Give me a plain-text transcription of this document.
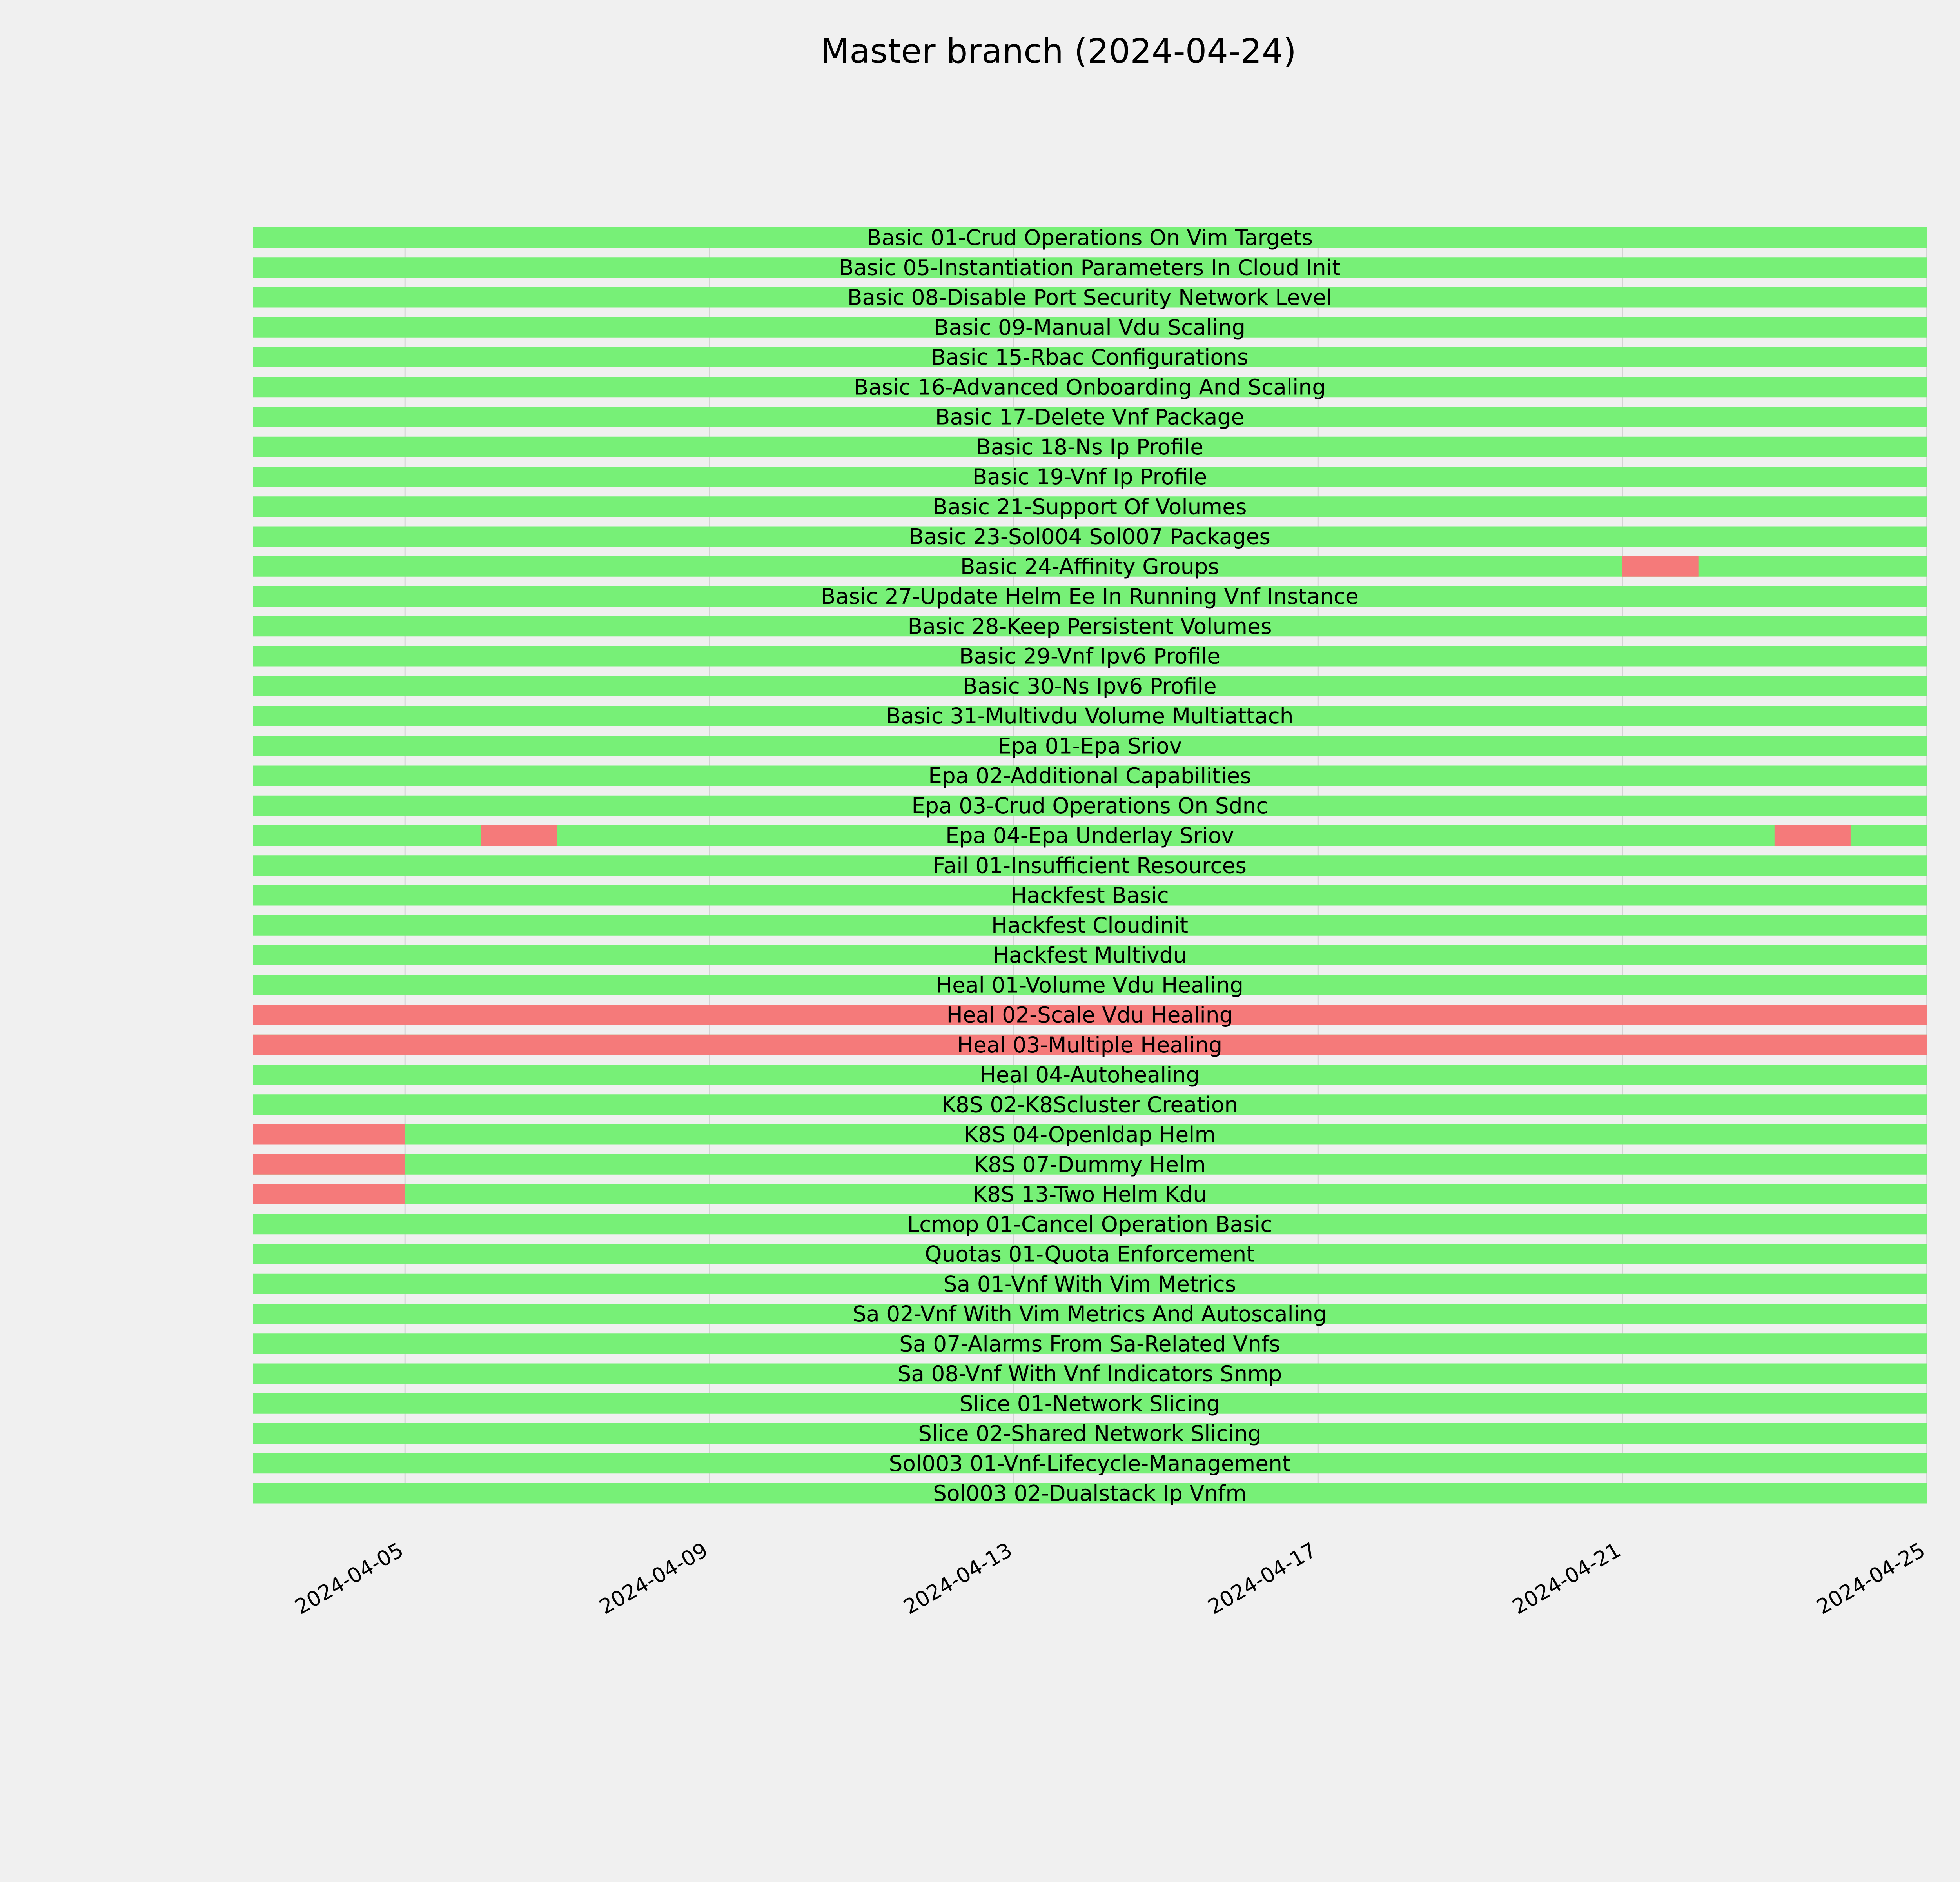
Master branch (2024-04-24)
Basic 01-Crud Operations On Vim Targets
Basic 05-Instantiation Parameters In Cloud Init
Basic 08-Disable Port Security Network Level
Basic 09-Manual Vdu Scaling
Basic 15-Rbac Configurations
Basic 16-Advanced Onboarding And Scaling
Basic 17-Delete Vnf Package
Basic 18-Ns Ip Profile
Basic 19-Vnf Ip Profile
Basic 21-Support Of Volumes
Basic 23-Sol004 Sol007 Packages
Basic 24-Affinity Groups
Basic 27-Update Helm Ee In Running Vnf Instance
Basic 28-Keep Persistent Volumes
Basic 29-Vnf Ipv6 Profile
Basic 30-Ns Ipv6 Profile
Basic 31-Multivdu Volume Multiattach
Epa 01-Epa Sriov
Epa 02-Additional Capabilities
Epa 03-Crud Operations On Sdnc
Epa 04-Epa Underlay Sriov
Fail 01-Insufficient Resources
Hackfest Basic
Hackfest Cloudinit
Hackfest Multivdu
Heal 01-Volume Vdu Healing
Heal 02-Scale Vdu Healing
Heal 03-Multiple Healing
Heal 04-Autohealing
K8S 02-K8Scluster Creation
K8S 04-Openldap Helm
K8S 07-Dummy Helm
K8S 13-Two Helm Kdu
Lcmop 01-Cancel Operation Basic
Quotas 01-Quota Enforcement
Sa 01-Vnf With Vim Metrics
Sa 02-Vnf With Vim Metrics And Autoscaling
Sa 07-Alarms From Sa-Related Vnfs
Sa 08-Vnf With Vnf Indicators Snmp
Slice 01-Network Slicing
Slice 02-Shared Network Slicing
Sol003 01-Vnf-Lifecycle-Management
Sol003 02-Dualstack Ip Vnfm
2024-04-05	2024-04-09	2024-04-13	2024-04-17	2024-04-21	2024-04-25
